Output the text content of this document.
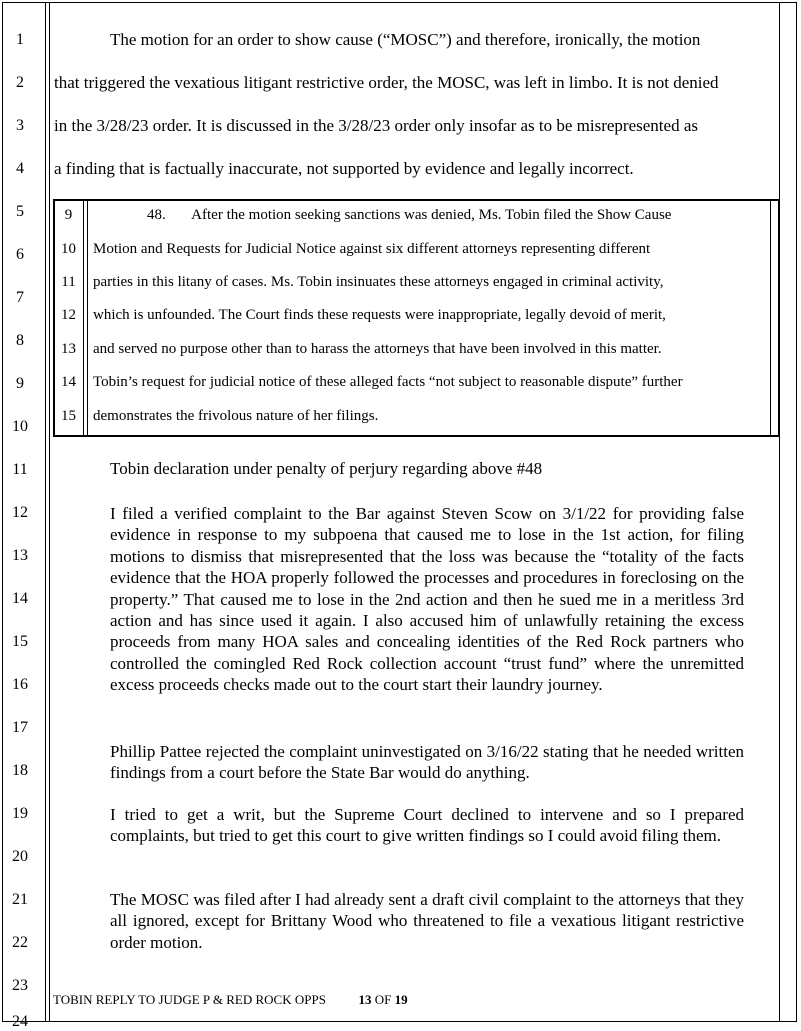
1
2
3
4
5
6
7
8
9
10
11
12
13
14
15
16
17
18
19
20
21
22
23
24
The motion for an order to show cause (“MOSC”) and therefore, ironically, the motion
that triggered the vexatious litigant restrictive order, the MOSC, was left in limbo. It is not denied
in the 3/28/23 order. It is discussed in the 3/28/23 order only insofar as to be misrepresented as
a finding that is factually inaccurate, not supported by evidence and legally incorrect.
9
10
11
12
13
14
15
48.       After the motion seeking sanctions was denied, Ms. Tobin filed the Show Cause
Motion and Requests for Judicial Notice against six different attorneys representing different
parties in this litany of cases. Ms. Tobin insinuates these attorneys engaged in criminal activity,
which is unfounded. The Court finds these requests were inappropriate, legally devoid of merit,
and served no purpose other than to harass the attorneys that have been involved in this matter.
Tobin’s request for judicial notice of these alleged facts “not subject to reasonable dispute” further
demonstrates the frivolous nature of her filings.
Tobin declaration under penalty of perjury regarding above #48

I filed a verified complaint to the Bar against Steven Scow on 3/1/22 for providing false evidence in response to my subpoena that caused me to lose in the 1st action, for filing motions to dismiss that misrepresented that the loss was because the “totality of the facts evidence that the HOA properly followed the processes and procedures in foreclosing on the property.” That caused me to lose in the 2nd action and then he sued me in a meritless 3rd action and has since used it again. I also accused him of unlawfully retaining the excess proceeds from many HOA sales and concealing identities of the Red Rock partners who controlled the comingled Red Rock collection account “trust fund” where the unremitted excess proceeds checks made out to the court start their laundry journey.

Phillip Pattee rejected the complaint uninvestigated on 3/16/22 stating that he needed written findings from a court before the State Bar would do anything.

I tried to get a writ, but the Supreme Court declined to intervene and so I prepared complaints, but tried to get this court to give written findings so I could avoid filing them.

The MOSC was filed after I had already sent a draft civil complaint to the attorneys that they all ignored, except for Brittany Wood who threatened to file a vexatious litigant restrictive order motion.

TOBIN REPLY TO JUDGE P & RED ROCK OPPS	13 OF 19
